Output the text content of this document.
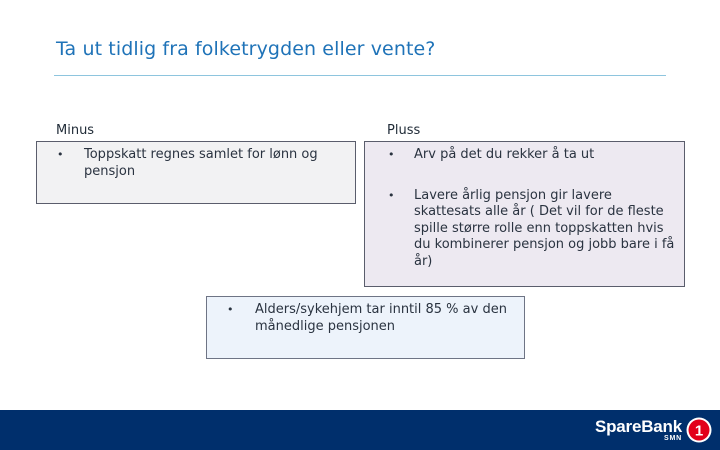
Ta ut tidlig fra folketrygden eller vente?
Minus	Pluss
• Toppskatt regnes samlet for lønn og pensjon
• Arv på det du rekker å ta ut
• Lavere årlig pensjon gir lavere skattesats alle år ( Det vil for de fleste spille større rolle enn toppskatten hvis du kombinerer pensjon og jobb bare i få år)
• Alders/sykehjem tar inntil 85 % av den månedlige pensjonen
SpareBank
SMN 1
